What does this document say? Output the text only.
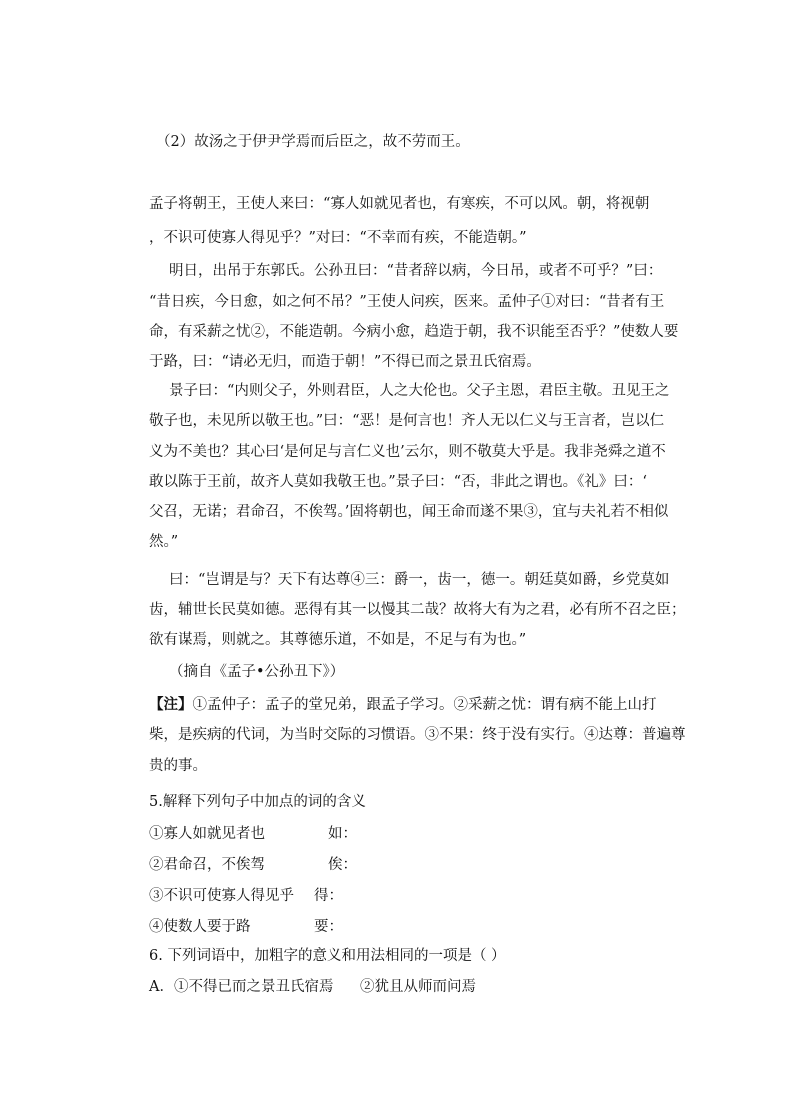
（2）故汤之于伊尹学焉而后臣之，故不劳而王。
孟子将朝王，王使人来曰：“寡人如就见者也，有寒疾，不可以风。朝，将视朝
，不识可使寡人得见乎？”对曰：“不幸而有疾，不能造朝。”
明日，出吊于东郭氏。公孙丑曰：“昔者辞以病，今日吊，或者不可乎？”曰：
“昔日疾，今日愈，如之何不吊？”王使人问疾，医来。孟仲子①对曰：“昔者有王
命，有采薪之忧②，不能造朝。今病小愈，趋造于朝，我不识能至否乎？”使数人要
于路，曰：“请必无归，而造于朝！”不得已而之景丑氏宿焉。
景子曰：“内则父子，外则君臣，人之大伦也。父子主恩，君臣主敬。丑见王之
敬子也，未见所以敬王也。”曰：“恶！是何言也！齐人无以仁义与王言者，岂以仁
义为不美也？其心曰‘是何足与言仁义也’云尔，则不敬莫大乎是。我非尧舜之道不
敢以陈于王前，故齐人莫如我敬王也。”景子曰：“否，非此之谓也。《礼》曰：‘
父召，无诺；君命召，不俟驾。’固将朝也，闻王命而遂不果③，宜与夫礼若不相似
然。”
曰：“岂谓是与？天下有达尊④三：爵一，齿一，德一。朝廷莫如爵，乡党莫如
齿，辅世长民莫如德。恶得有其一以慢其二哉？故将大有为之君，必有所不召之臣；
欲有谋焉，则就之。其尊德乐道，不如是，不足与有为也。”
（摘自《孟子•公孙丑下》）
【注】①孟仲子：孟子的堂兄弟，跟孟子学习。②采薪之忧：谓有病不能上山打
柴，是疾病的代词，为当时交际的习惯语。③不果：终于没有实行。④达尊：普遍尊
贵的事。
5.解释下列句子中加点的词的含义
①寡人如就见者也	如：
②君命召，不俟驾	俟：
③不识可使寡人得见乎 得：
④使数人要于路	要：
6. 下列词语中，加粗字的意义和用法相同的一项是（ ）
A．①不得已而之景丑氏宿焉 ②犹且从师而问焉
